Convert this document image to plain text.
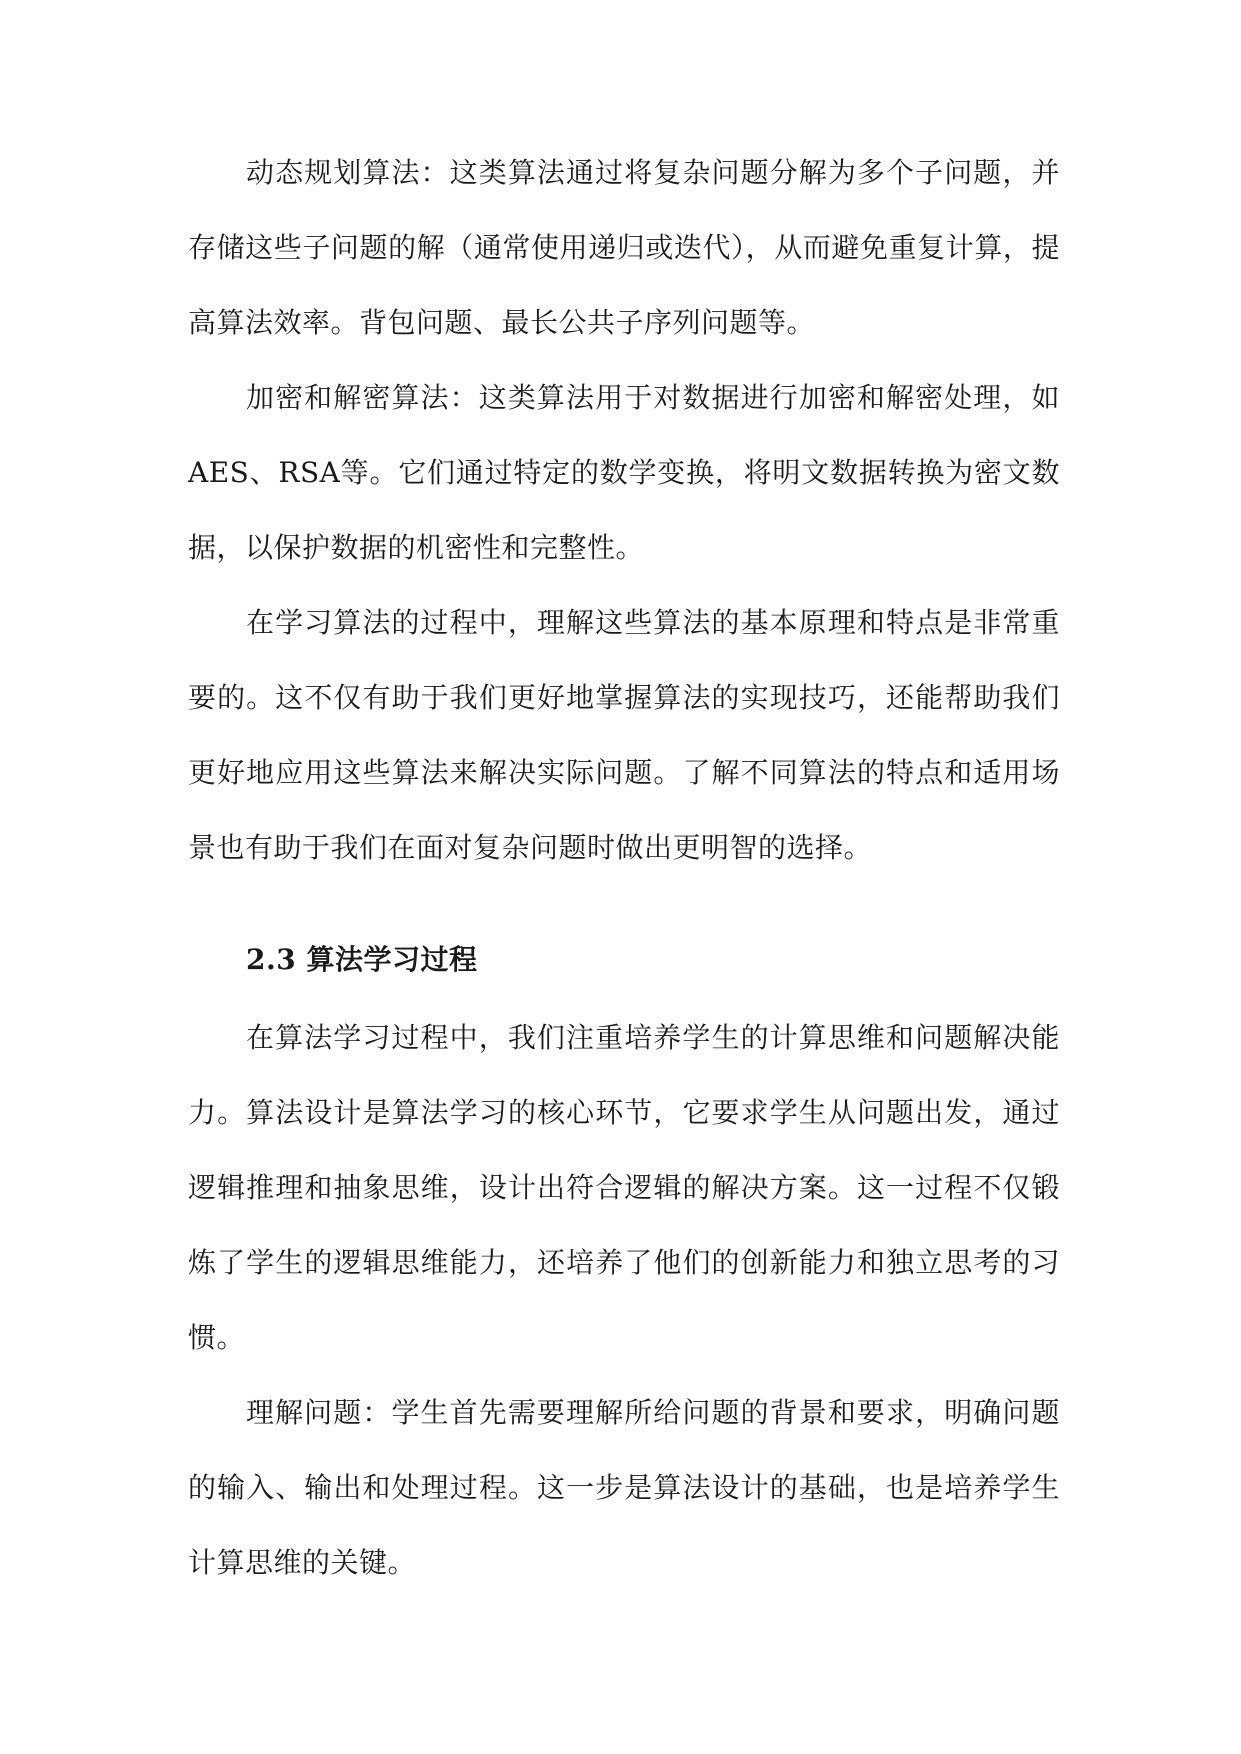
动态规划算法：这类算法通过将复杂问题分解为多个子问题，并存储这些子问题的解（通常使用递归或迭代），从而避免重复计算，提高算法效率。背包问题、最长公共子序列问题等。

加密和解密算法：这类算法用于对数据进行加密和解密处理，如AES、RSA等。它们通过特定的数学变换，将明文数据转换为密文数据，以保护数据的机密性和完整性。

在学习算法的过程中，理解这些算法的基本原理和特点是非常重要的。这不仅有助于我们更好地掌握算法的实现技巧，还能帮助我们更好地应用这些算法来解决实际问题。了解不同算法的特点和适用场景也有助于我们在面对复杂问题时做出更明智的选择。

2.3 算法学习过程

在算法学习过程中，我们注重培养学生的计算思维和问题解决能力。算法设计是算法学习的核心环节，它要求学生从问题出发，通过逻辑推理和抽象思维，设计出符合逻辑的解决方案。这一过程不仅锻炼了学生的逻辑思维能力，还培养了他们的创新能力和独立思考的习惯。

理解问题：学生首先需要理解所给问题的背景和要求，明确问题的输入、输出和处理过程。这一步是算法设计的基础，也是培养学生计算思维的关键。
